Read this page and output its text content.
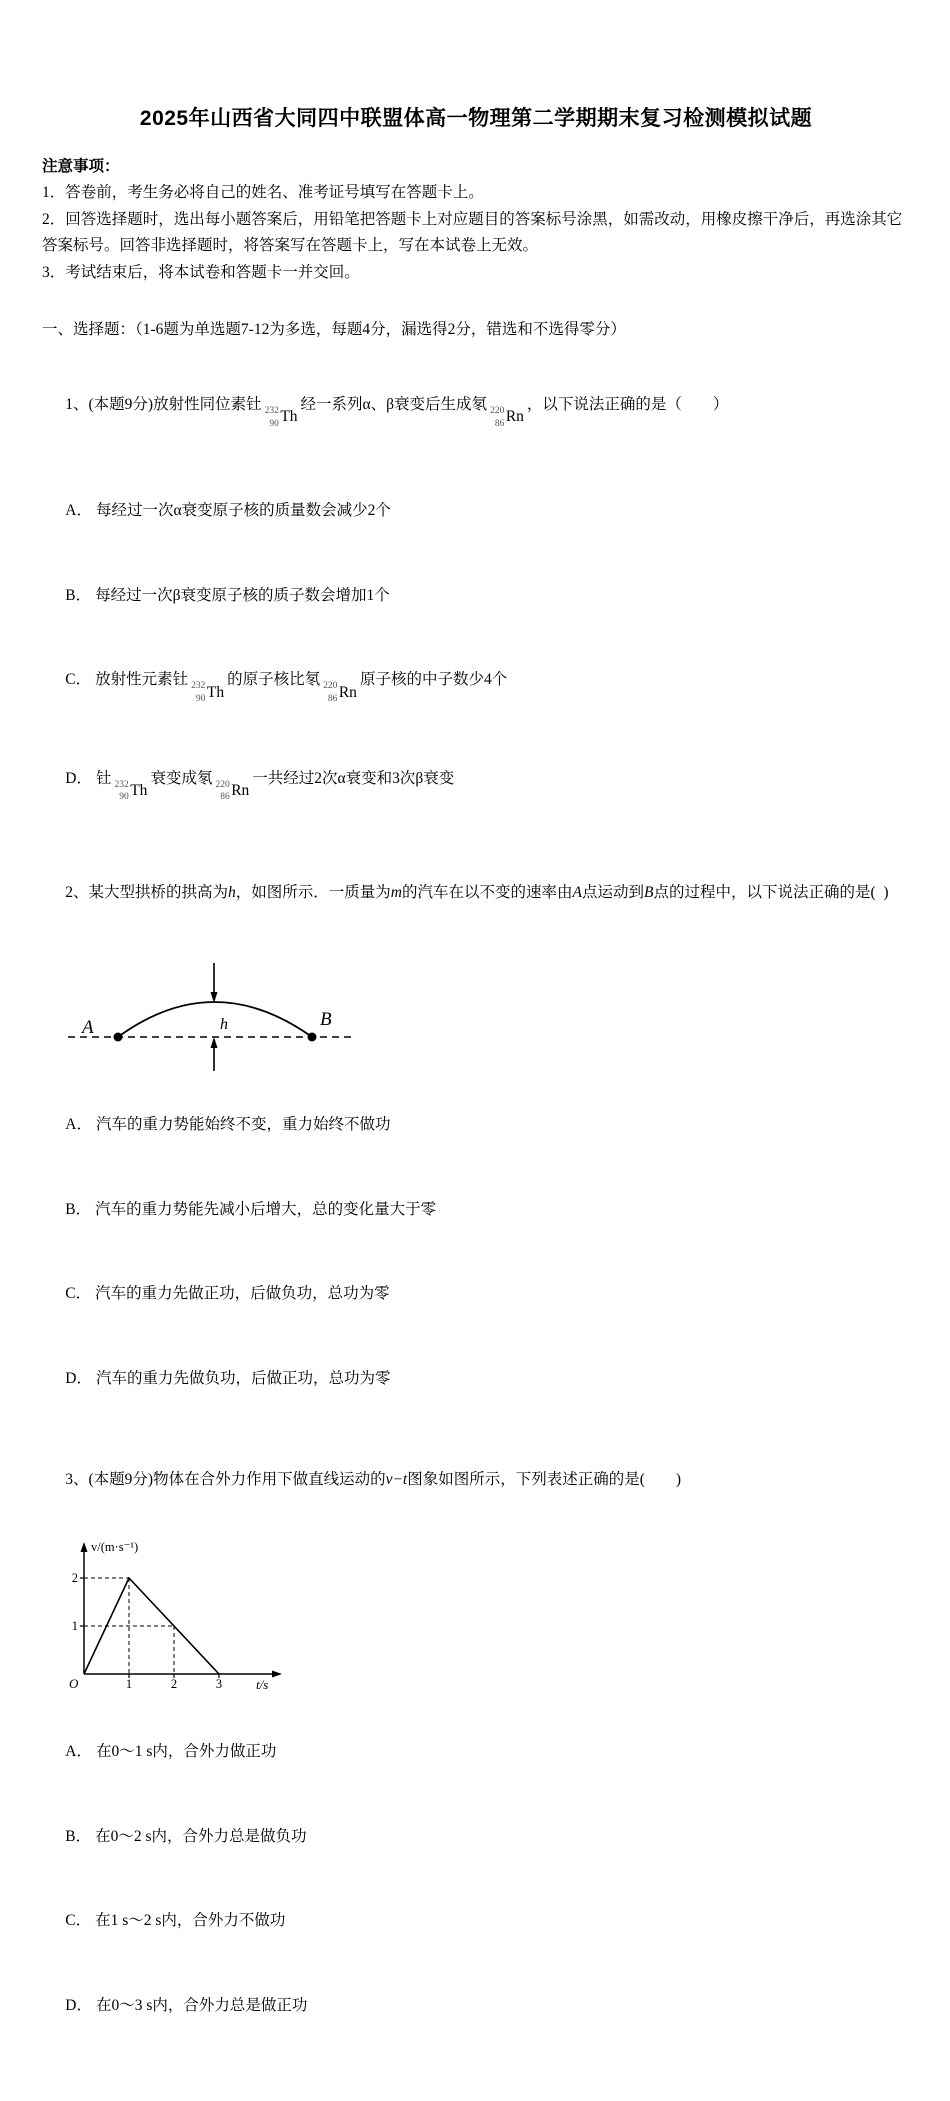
2025年山西省大同四中联盟体高一物理第二学期期末复习检测模拟试题
注意事项：
1．答卷前，考生务必将自己的姓名、准考证号填写在答题卡上。
2．回答选择题时，选出每小题答案后，用铅笔把答题卡上对应题目的答案标号涂黑，如需改动，用橡皮擦干净后，再选涂其它答案标号。回答非选择题时，将答案写在答题卡上，写在本试卷上无效。
3．考试结束后，将本试卷和答题卡一并交回。
一、选择题：（1-6题为单选题7-12为多选，每题4分，漏选得2分，错选和不选得零分）

1、(本题9分)放射性同位素钍 232
90 Th
经一系列α、β衰变后生成氡 220
86 Rn
，以下说法正确的是（        ）

A． 每经过一次α衰变原子核的质量数会减少2个

B． 每经过一次β衰变原子核的质子数会增加1个

C． 放射性元素钍 232
90 Th
的原子核比氡 220
86 Rn
原子核的中子数少4个

D． 钍 232
90 Th
衰变成氡 220
86 Rn
一共经过2次α衰变和3次β衰变

2、某大型拱桥的拱高为h，如图所示．一质量为m的汽车在以不变的速率由A点运动到B点的过程中，以下说法正确的是(  )

A	B
h

A． 汽车的重力势能始终不变，重力始终不做功

B． 汽车的重力势能先减小后增大，总的变化量大于零

C． 汽车的重力先做正功，后做负功，总功为零

D． 汽车的重力先做负功，后做正功，总功为零

3、(本题9分)物体在合外力作用下做直线运动的v−t图象如图所示，下列表述正确的是(        )

v/(m·s⁻¹)
t/s
O
2
1
1	2	3

A． 在0～1 s内，合外力做正功

B． 在0～2 s内，合外力总是做负功

C． 在1 s～2 s内，合外力不做功

D． 在0～3 s内，合外力总是做正功
